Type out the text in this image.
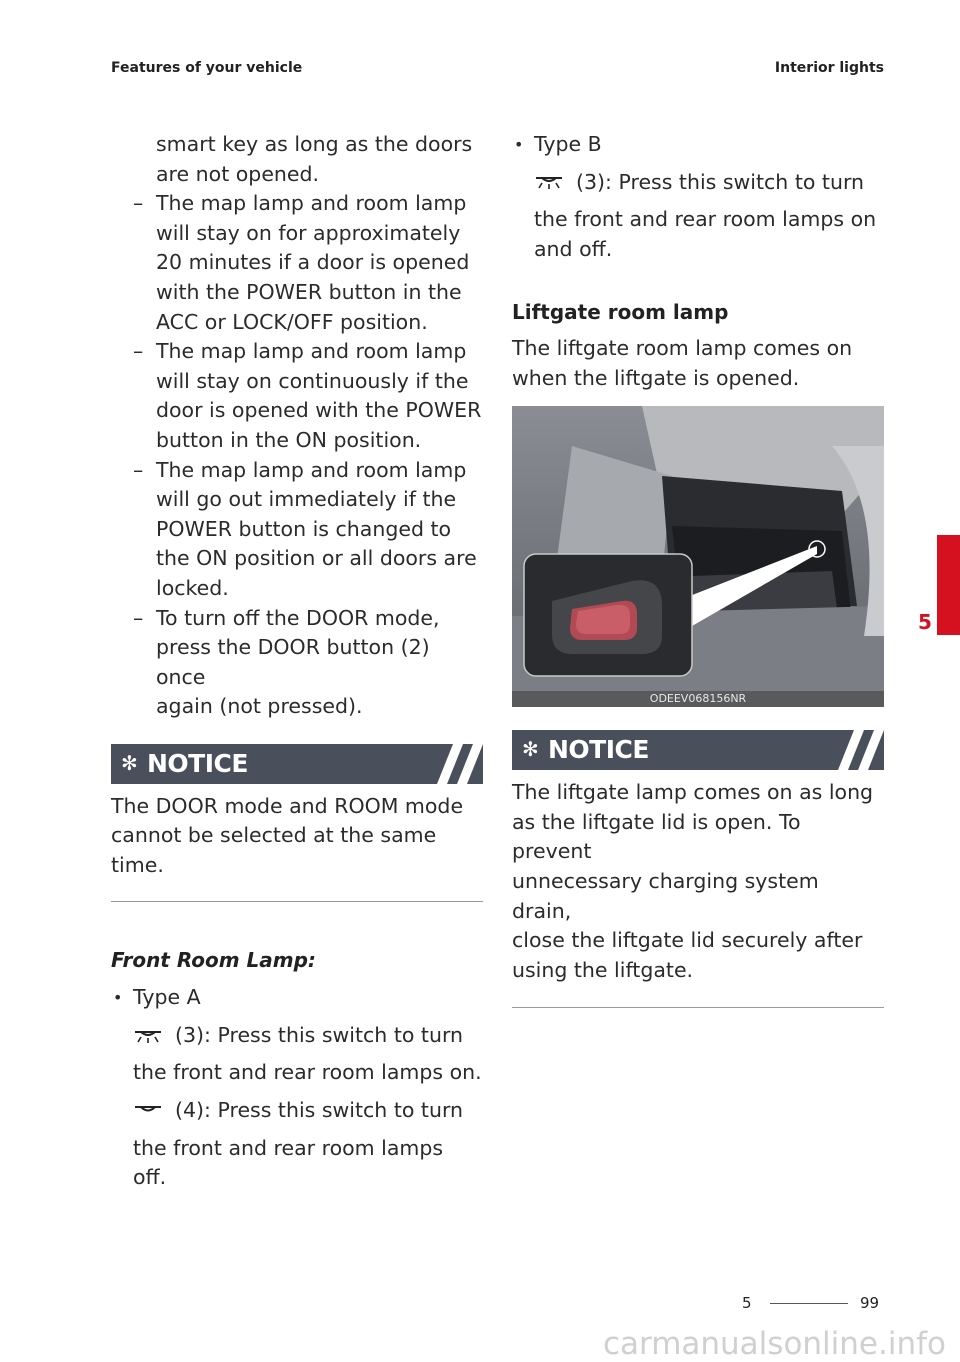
Features of your vehicle	Interior lights
smart key as long as the doors
are not opened.
– The map lamp and room lamp
will stay on for approximately
20 minutes if a door is opened
with the POWER button in the
ACC or LOCK/OFF position.
– The map lamp and room lamp
will stay on continuously if the
door is opened with the POWER
button in the ON position.
– The map lamp and room lamp
will go out immediately if the
POWER button is changed to
the ON position or all doors are
locked.
– To turn off the DOOR mode,
press the DOOR button (2) once
again (not pressed).
✻ NOTICE
The DOOR mode and ROOM mode
cannot be selected at the same
time.
Front Room Lamp:
• Type A
(3): Press this switch to turn
the front and rear room lamps on.
(4): Press this switch to turn
the front and rear room lamps
off.
• Type B
(3): Press this switch to turn
the front and rear room lamps on
and off.
Liftgate room lamp
The liftgate room lamp comes on
when the liftgate is opened.
ODEEV068156NR
✻ NOTICE
The liftgate lamp comes on as long
as the liftgate lid is open. To prevent
unnecessary charging system drain,
close the liftgate lid securely after
using the liftgate.
5
5	99
carmanualsonline.info
